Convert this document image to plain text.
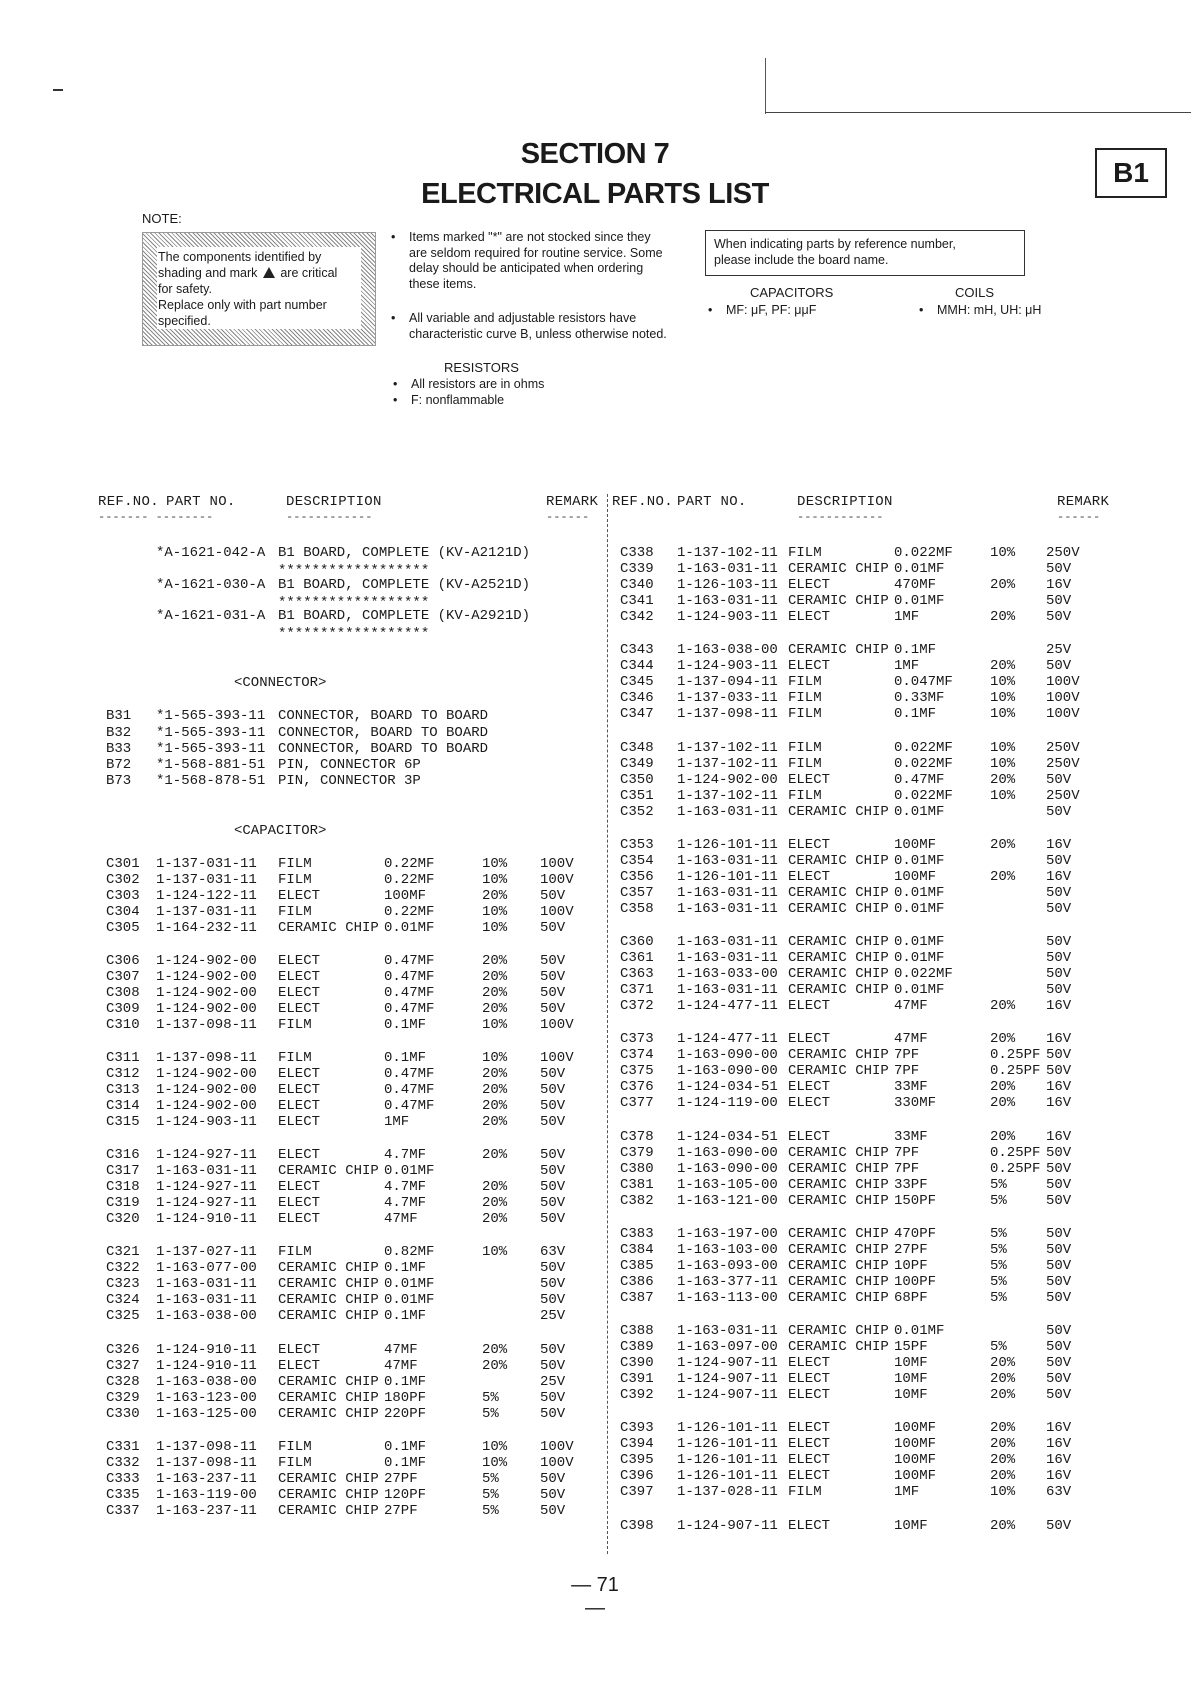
SECTION 7
ELECTRICAL PARTS LIST
B1
NOTE:
The components identified by
shading and mark are critical
for safety.
Replace only with part number
specified.
• Items marked "*" are not stocked since they
are seldom required for routine service. Some
delay should be anticipated when ordering
these items.
• All variable and adjustable resistors have
characteristic curve B, unless otherwise noted.
When indicating parts by reference number,
please include the board name.
CAPACITORS
• MF: μF, PF: μμF
COILS
• MMH: mH, UH: μH
RESISTORS
• All resistors are in ohms
• F: nonflammable
REF.NO. PART NO.	DESCRIPTION	REMARK
------- --------	------------	------
REF.NO. PART NO.	DESCRIPTION	REMARK
------------	------
*A-1621-042-A B1 BOARD, COMPLETE (KV-A2121D)
******************
*A-1621-030-A B1 BOARD, COMPLETE (KV-A2521D)
******************
*A-1621-031-A B1 BOARD, COMPLETE (KV-A2921D)
******************
<CONNECTOR>
B31 *1-565-393-11 CONNECTOR, BOARD TO BOARD
B32 *1-565-393-11 CONNECTOR, BOARD TO BOARD
B33 *1-565-393-11 CONNECTOR, BOARD TO BOARD
B72 *1-568-881-51 PIN, CONNECTOR 6P
B73 *1-568-878-51 PIN, CONNECTOR 3P
<CAPACITOR>
C301 1-137-031-11 FILM	0.22MF	10% 100V
C302 1-137-031-11 FILM	0.22MF	10% 100V
C303 1-124-122-11 ELECT	100MF	20% 50V
C304 1-137-031-11 FILM	0.22MF	10% 100V
C305 1-164-232-11 CERAMIC CHIP 0.01MF	10% 50V
C306 1-124-902-00 ELECT	0.47MF	20% 50V
C307 1-124-902-00 ELECT	0.47MF	20% 50V
C308 1-124-902-00 ELECT	0.47MF	20% 50V
C309 1-124-902-00 ELECT	0.47MF	20% 50V
C310 1-137-098-11 FILM	0.1MF	10% 100V
C311 1-137-098-11 FILM	0.1MF	10% 100V
C312 1-124-902-00 ELECT	0.47MF	20% 50V
C313 1-124-902-00 ELECT	0.47MF	20% 50V
C314 1-124-902-00 ELECT	0.47MF	20% 50V
C315 1-124-903-11 ELECT	1MF	20% 50V
C316 1-124-927-11 ELECT	4.7MF	20% 50V
C317 1-163-031-11 CERAMIC CHIP 0.01MF	50V
C318 1-124-927-11 ELECT	4.7MF	20% 50V
C319 1-124-927-11 ELECT	4.7MF	20% 50V
C320 1-124-910-11 ELECT	47MF	20% 50V
C321 1-137-027-11 FILM	0.82MF	10% 63V
C322 1-163-077-00 CERAMIC CHIP 0.1MF	50V
C323 1-163-031-11 CERAMIC CHIP 0.01MF	50V
C324 1-163-031-11 CERAMIC CHIP 0.01MF	50V
C325 1-163-038-00 CERAMIC CHIP 0.1MF	25V
C326 1-124-910-11 ELECT	47MF	20% 50V
C327 1-124-910-11 ELECT	47MF	20% 50V
C328 1-163-038-00 CERAMIC CHIP 0.1MF	25V
C329 1-163-123-00 CERAMIC CHIP 180PF	5%	50V
C330 1-163-125-00 CERAMIC CHIP 220PF	5%	50V
C331 1-137-098-11 FILM	0.1MF	10% 100V
C332 1-137-098-11 FILM	0.1MF	10% 100V
C333 1-163-237-11 CERAMIC CHIP 27PF	5%	50V
C335 1-163-119-00 CERAMIC CHIP 120PF	5%	50V
C337 1-163-237-11 CERAMIC CHIP 27PF	5%	50V
C338 1-137-102-11 FILM	0.022MF	10% 250V
C339 1-163-031-11 CERAMIC CHIP 0.01MF	50V
C340 1-126-103-11 ELECT	470MF	20% 16V
C341 1-163-031-11 CERAMIC CHIP 0.01MF	50V
C342 1-124-903-11 ELECT	1MF	20% 50V
C343 1-163-038-00 CERAMIC CHIP 0.1MF	25V
C344 1-124-903-11 ELECT	1MF	20% 50V
C345 1-137-094-11 FILM	0.047MF	10% 100V
C346 1-137-033-11 FILM	0.33MF	10% 100V
C347 1-137-098-11 FILM	0.1MF	10% 100V
C348 1-137-102-11 FILM	0.022MF	10% 250V
C349 1-137-102-11 FILM	0.022MF	10% 250V
C350 1-124-902-00 ELECT	0.47MF	20% 50V
C351 1-137-102-11 FILM	0.022MF	10% 250V
C352 1-163-031-11 CERAMIC CHIP 0.01MF	50V
C353 1-126-101-11 ELECT	100MF	20% 16V
C354 1-163-031-11 CERAMIC CHIP 0.01MF	50V
C356 1-126-101-11 ELECT	100MF	20% 16V
C357 1-163-031-11 CERAMIC CHIP 0.01MF	50V
C358 1-163-031-11 CERAMIC CHIP 0.01MF	50V
C360 1-163-031-11 CERAMIC CHIP 0.01MF	50V
C361 1-163-031-11 CERAMIC CHIP 0.01MF	50V
C363 1-163-033-00 CERAMIC CHIP 0.022MF	50V
C371 1-163-031-11 CERAMIC CHIP 0.01MF	50V
C372 1-124-477-11 ELECT	47MF	20% 16V
C373 1-124-477-11 ELECT	47MF	20% 16V
C374 1-163-090-00 CERAMIC CHIP 7PF	0.25PF 50V
C375 1-163-090-00 CERAMIC CHIP 7PF	0.25PF 50V
C376 1-124-034-51 ELECT	33MF	20% 16V
C377 1-124-119-00 ELECT	330MF	20% 16V
C378 1-124-034-51 ELECT	33MF	20% 16V
C379 1-163-090-00 CERAMIC CHIP 7PF	0.25PF 50V
C380 1-163-090-00 CERAMIC CHIP 7PF	0.25PF 50V
C381 1-163-105-00 CERAMIC CHIP 33PF	5%	50V
C382 1-163-121-00 CERAMIC CHIP 150PF	5%	50V
C383 1-163-197-00 CERAMIC CHIP 470PF	5%	50V
C384 1-163-103-00 CERAMIC CHIP 27PF	5%	50V
C385 1-163-093-00 CERAMIC CHIP 10PF	5%	50V
C386 1-163-377-11 CERAMIC CHIP 100PF	5%	50V
C387 1-163-113-00 CERAMIC CHIP 68PF	5%	50V
C388 1-163-031-11 CERAMIC CHIP 0.01MF	50V
C389 1-163-097-00 CERAMIC CHIP 15PF	5%	50V
C390 1-124-907-11 ELECT	10MF	20% 50V
C391 1-124-907-11 ELECT	10MF	20% 50V
C392 1-124-907-11 ELECT	10MF	20% 50V
C393 1-126-101-11 ELECT	100MF	20% 16V
C394 1-126-101-11 ELECT	100MF	20% 16V
C395 1-126-101-11 ELECT	100MF	20% 16V
C396 1-126-101-11 ELECT	100MF	20% 16V
C397 1-137-028-11 FILM	1MF	10% 63V
C398 1-124-907-11 ELECT	10MF	20% 50V
— 71 —
